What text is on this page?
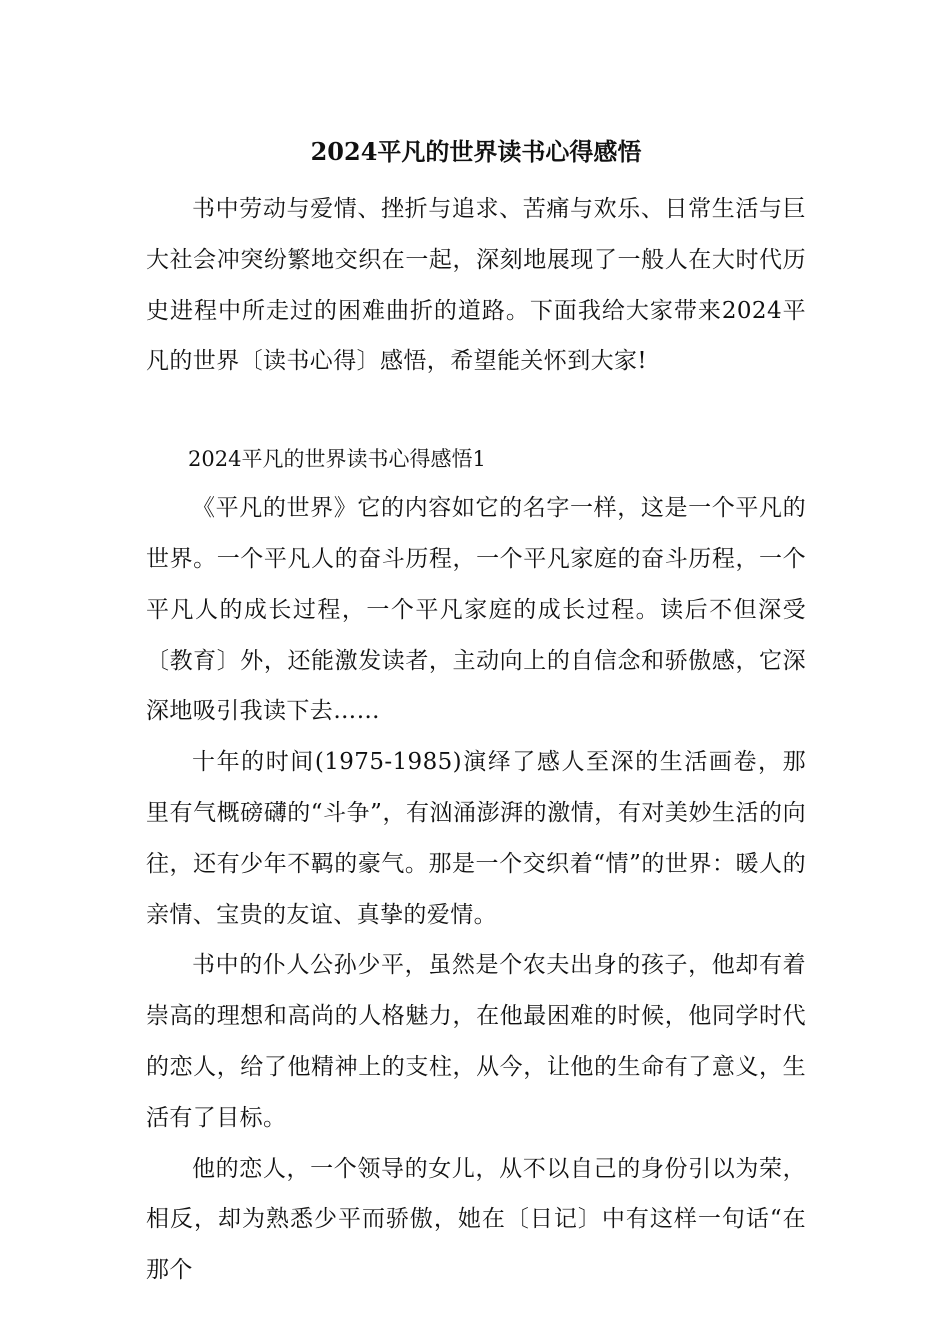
2024平凡的世界读书心得感悟

书中劳动与爱情、挫折与追求、苦痛与欢乐、日常生活与巨大社会冲突纷繁地交织在一起，深刻地展现了一般人在大时代历史进程中所走过的困难曲折的道路。下面我给大家带来2024平凡的世界〔读书心得〕感悟，希望能关怀到大家!

2024平凡的世界读书心得感悟1

《平凡的世界》它的内容如它的名字一样，这是一个平凡的世界。一个平凡人的奋斗历程，一个平凡家庭的奋斗历程，一个平凡人的成长过程，一个平凡家庭的成长过程。读后不但深受〔教育〕外，还能激发读者，主动向上的自信念和骄傲感，它深深地吸引我读下去……

十年的时间(1975-1985)演绎了感人至深的生活画卷，那里有气概磅礴的“斗争”，有汹涌澎湃的激情，有对美妙生活的向往，还有少年不羁的豪气。那是一个交织着“情”的世界：暖人的亲情、宝贵的友谊、真挚的爱情。

书中的仆人公孙少平，虽然是个农夫出身的孩子，他却有着崇高的理想和高尚的人格魅力，在他最困难的时候，他同学时代的恋人，给了他精神上的支柱，从今，让他的生命有了意义，生活有了目标。

他的恋人，一个领导的女儿，从不以自己的身份引以为荣，相反，却为熟悉少平而骄傲，她在〔日记〕中有这样一句话“在那个
